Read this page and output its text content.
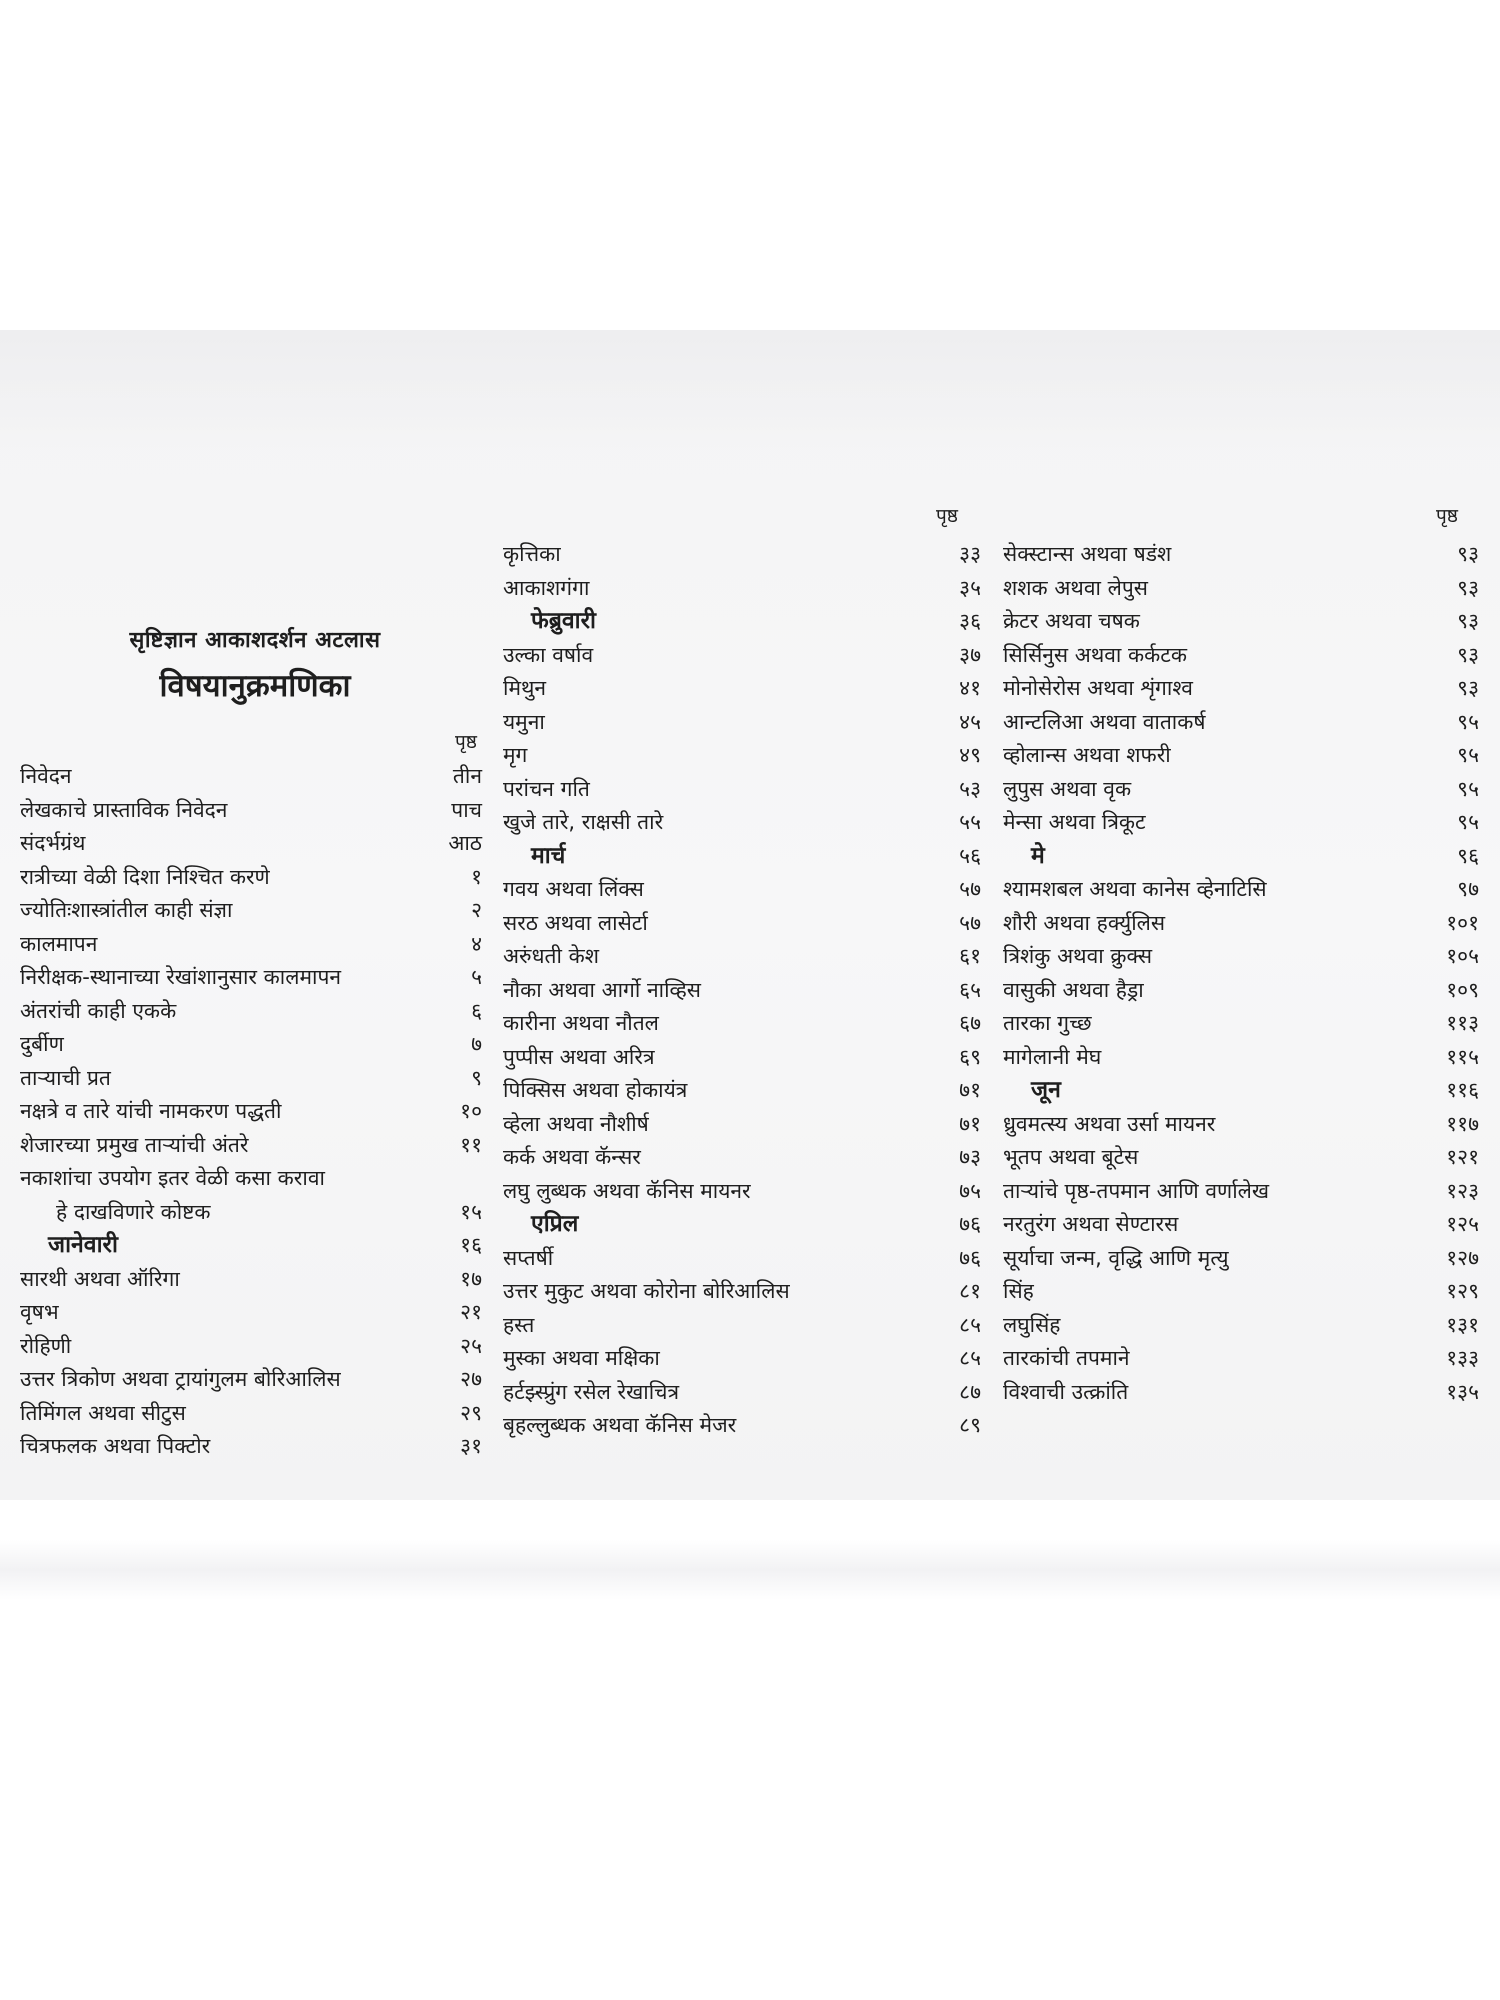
सृष्टिज्ञान आकाशदर्शन अटलास
विषयानुक्रमणिका
पृष्ठ
पृष्ठ	पृष्ठ
निवेदन	तीन
लेखकाचे प्रास्ताविक निवेदन	पाच
संदर्भग्रंथ	आठ
रात्रीच्या वेळी दिशा निश्चित करणे	१
ज्योतिःशास्त्रांतील काही संज्ञा	२
कालमापन	४
निरीक्षक-स्थानाच्या रेखांशानुसार कालमापन	५
अंतरांची काही एकके	६
दुर्बीण	७
ताऱ्याची प्रत	९
नक्षत्रे व तारे यांची नामकरण पद्धती	१०
शेजारच्या प्रमुख ताऱ्यांची अंतरे	११
नकाशांचा उपयोग इतर वेळी कसा करावा
हे दाखविणारे कोष्टक	१५
जानेवारी	१६
सारथी अथवा ऑरिगा	१७
वृषभ	२१
रोहिणी	२५
उत्तर त्रिकोण अथवा ट्रायांगुलम बोरिआलिस	२७
तिमिंगल अथवा सीटुस	२९
चित्रफलक अथवा पिक्टोर	३१
कृत्तिका	३३
आकाशगंगा	३५
फेब्रुवारी	३६
उल्का वर्षाव	३७
मिथुन	४१
यमुना	४५
मृग	४९
परांचन गति	५३
खुजे तारे, राक्षसी तारे	५५
मार्च	५६
गवय अथवा लिंक्स	५७
सरठ अथवा लासेर्टा	५७
अरुंधती केश	६१
नौका अथवा आर्गो नाव्हिस	६५
कारीना अथवा नौतल	६७
पुप्पीस अथवा अरित्र	६९
पिक्सिस अथवा होकायंत्र	७१
व्हेला अथवा नौशीर्ष	७१
कर्क अथवा कॅन्सर	७३
लघु लुब्धक अथवा कॅनिस मायनर	७५
एप्रिल	७६
सप्तर्षी	७६
उत्तर मुकुट अथवा कोरोना बोरिआलिस	८१
हस्त	८५
मुस्का अथवा मक्षिका	८५
हर्टझ्स्प्रुंग रसेल रेखाचित्र	८७
बृहल्लुब्धक अथवा कॅनिस मेजर	८९
सेक्स्टान्स अथवा षडंश	९३
शशक अथवा लेपुस	९३
क्रेटर अथवा चषक	९३
सिर्सिनुस अथवा कर्कटक	९३
मोनोसेरोस अथवा शृंगाश्व	९३
आन्टलिआ अथवा वाताकर्ष	९५
व्होलान्स अथवा शफरी	९५
लुपुस अथवा वृक	९५
मेन्सा अथवा त्रिकूट	९५
मे	९६
श्यामशबल अथवा कानेस व्हेनाटिसि	९७
शौरी अथवा हर्क्युलिस	१०१
त्रिशंकु अथवा क्रुक्स	१०५
वासुकी अथवा हैड्रा	१०९
तारका गुच्छ	११३
मागेलानी मेघ	११५
जून	११६
ध्रुवमत्स्य अथवा उर्सा मायनर	११७
भूतप अथवा बूटेस	१२१
ताऱ्यांचे पृष्ठ-तपमान आणि वर्णालेख	१२३
नरतुरंग अथवा सेण्टारस	१२५
सूर्याचा जन्म, वृद्धि आणि मृत्यु	१२७
सिंह	१२९
लघुसिंह	१३१
तारकांची तपमाने	१३३
विश्वाची उत्क्रांति	१३५
